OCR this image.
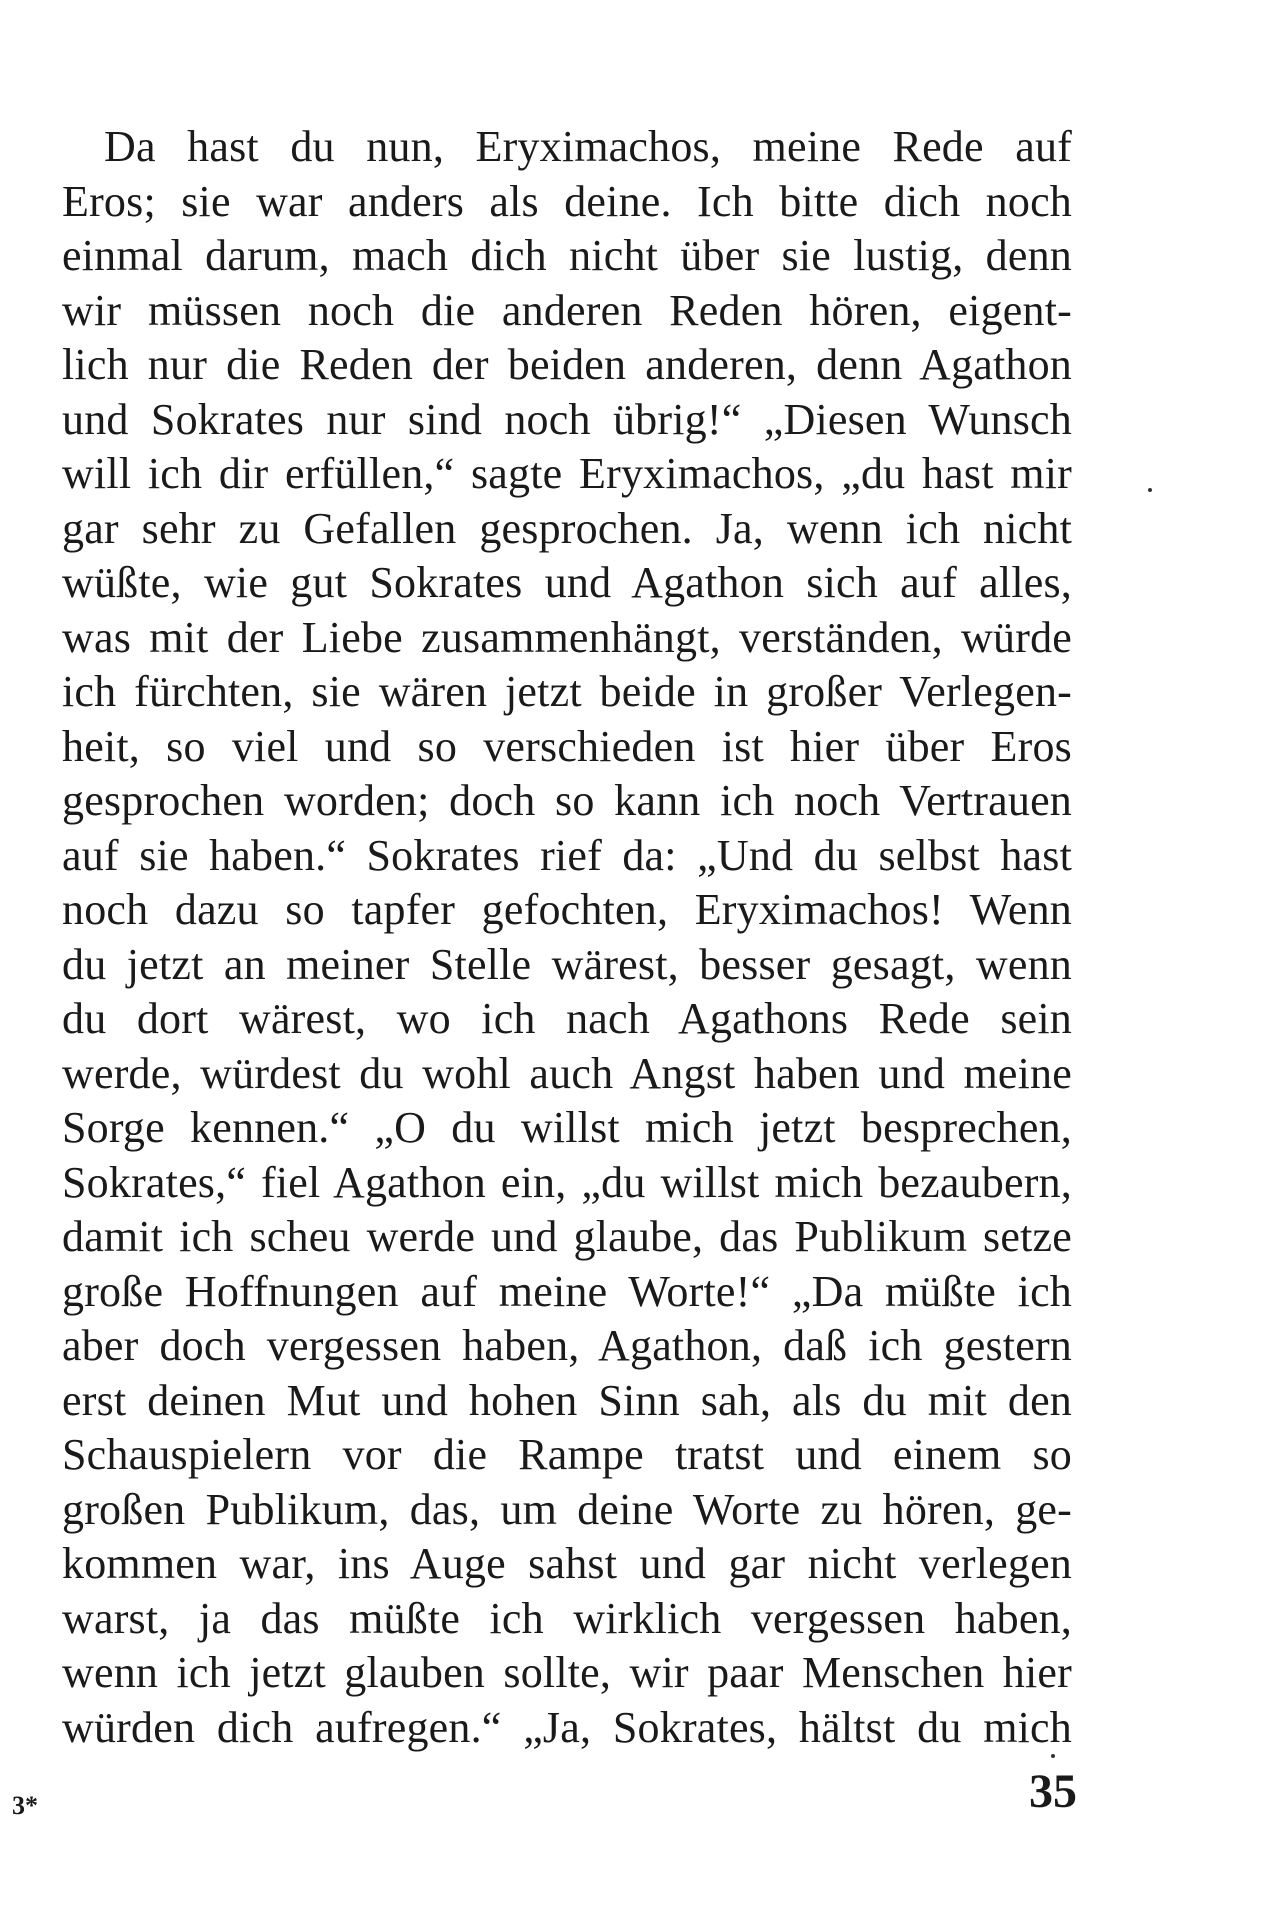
Da hast du nun, Eryximachos, meine Rede auf
Eros; sie war anders als deine. Ich bitte dich noch
einmal darum, mach dich nicht über sie lustig, denn
wir müssen noch die anderen Reden hören, eigent-
lich nur die Reden der beiden anderen, denn Agathon
und Sokrates nur sind noch übrig!“ „Diesen Wunsch
will ich dir erfüllen,“ sagte Eryximachos, „du hast mir
gar sehr zu Gefallen gesprochen. Ja, wenn ich nicht
wüßte, wie gut Sokrates und Agathon sich auf alles,
was mit der Liebe zusammenhängt, verständen, würde
ich fürchten, sie wären jetzt beide in großer Verlegen-
heit, so viel und so verschieden ist hier über Eros
gesprochen worden; doch so kann ich noch Vertrauen
auf sie haben.“ Sokrates rief da: „Und du selbst hast
noch dazu so tapfer gefochten, Eryximachos! Wenn
du jetzt an meiner Stelle wärest, besser gesagt, wenn
du dort wärest, wo ich nach Agathons Rede sein
werde, würdest du wohl auch Angst haben und meine
Sorge kennen.“ „O du willst mich jetzt besprechen,
Sokrates,“ fiel Agathon ein, „du willst mich bezaubern,
damit ich scheu werde und glaube, das Publikum setze
große Hoffnungen auf meine Worte!“ „Da müßte ich
aber doch vergessen haben, Agathon, daß ich gestern
erst deinen Mut und hohen Sinn sah, als du mit den
Schauspielern vor die Rampe tratst und einem so
großen Publikum, das, um deine Worte zu hören, ge-
kommen war, ins Auge sahst und gar nicht verlegen
warst, ja das müßte ich wirklich vergessen haben,
wenn ich jetzt glauben sollte, wir paar Menschen hier
würden dich aufregen.“ „Ja, Sokrates, hältst du mich
3*	35
